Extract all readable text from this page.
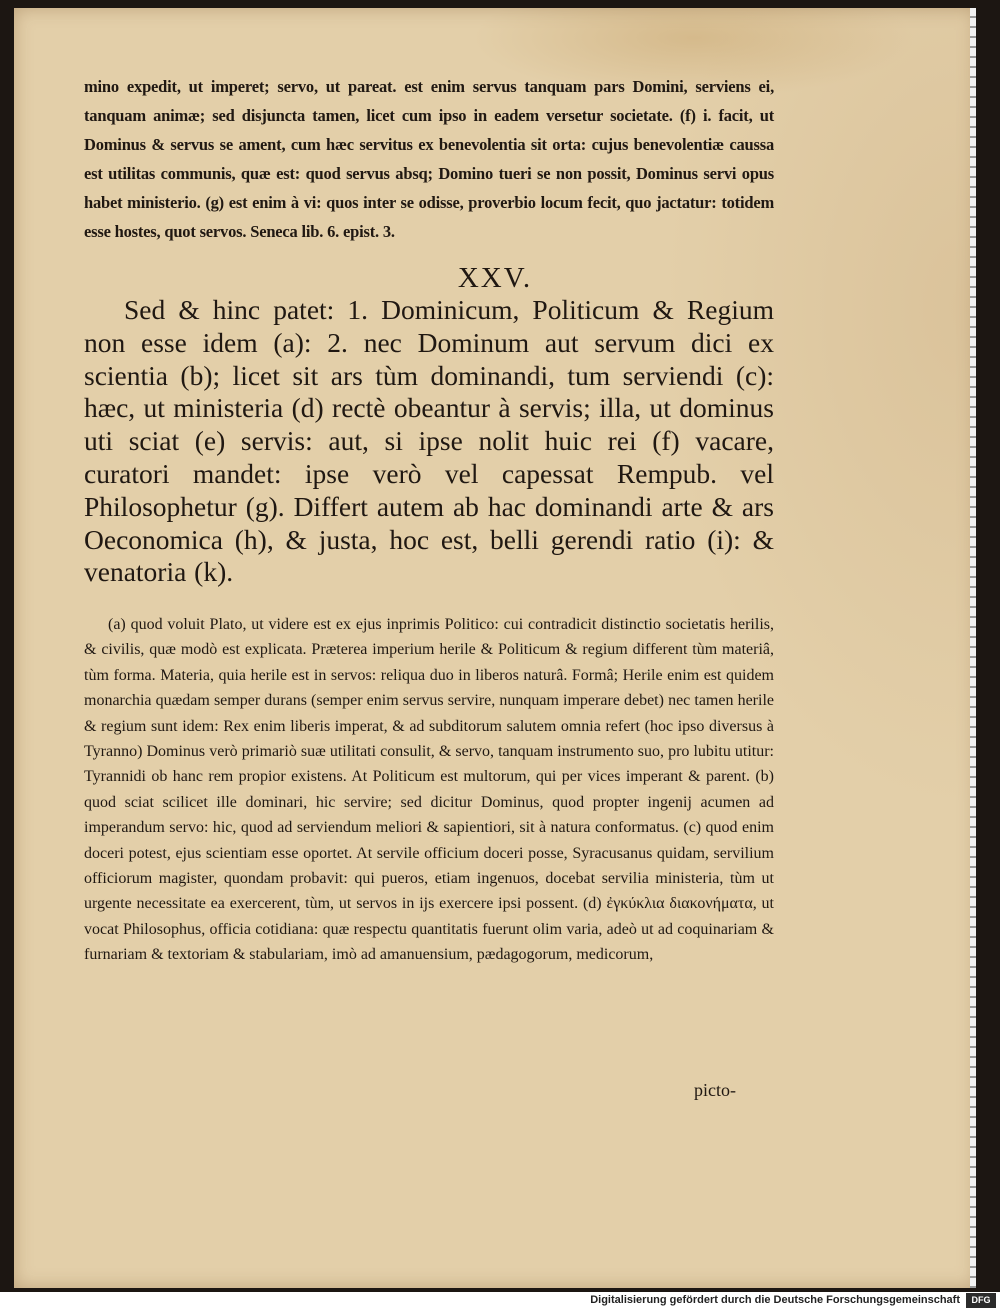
mino expedit, ut imperet; servo, ut pareat. est enim servus tanquam pars Domini, serviens ei, tanquam animæ; sed disjuncta tamen, licet cum ipso in eadem versetur societate. (f) i. facit, ut Dominus & servus se ament, cum hæc servitus ex benevolentia sit orta: cujus benevolentiæ caussa est utilitas communis, quæ est: quod servus absq; Domino tueri se non possit, Dominus servi opus habet ministerio. (g) est enim à vi: quos inter se odisse, proverbio locum fecit, quo jactatur: totidem esse hostes, quot servos. Seneca lib. 6. epist. 3.

XXV.

Sed & hinc patet: 1. Dominicum, Politicum & Regium non esse idem (a): 2. nec Dominum aut servum dici ex scientia (b); licet sit ars tùm dominandi, tum serviendi (c): hæc, ut ministeria (d) rectè obeantur à servis; illa, ut dominus uti sciat (e) servis: aut, si ipse nolit huic rei (f) vacare, curatori mandet: ipse verò vel capessat Rempub. vel Philosophetur (g). Differt autem ab hac dominandi arte & ars Oeconomica (h), & justa, hoc est, belli gerendi ratio (i): & venatoria (k).

(a) quod voluit Plato, ut videre est ex ejus inprimis Politico: cui contradicit distinctio societatis herilis, & civilis, quæ modò est explicata. Præterea imperium herile & Politicum & regium different tùm materiâ, tùm forma. Materia, quia herile est in servos: reliqua duo in liberos naturâ. Formâ; Herile enim est quidem monarchia quædam semper durans (semper enim servus servire, nunquam imperare debet) nec tamen herile & regium sunt idem: Rex enim liberis imperat, & ad subditorum salutem omnia refert (hoc ipso diversus à Tyranno) Dominus verò primariò suæ utilitati consulit, & servo, tanquam instrumento suo, pro lubitu utitur: Tyrannidi ob hanc rem propior existens. At Politicum est multorum, qui per vices imperant & parent. (b) quod sciat scilicet ille dominari, hic servire; sed dicitur Dominus, quod propter ingenij acumen ad imperandum servo: hic, quod ad serviendum meliori & sapientiori, sit à natura conformatus. (c) quod enim doceri potest, ejus scientiam esse oportet. At servile officium doceri posse, Syracusanus quidam, servilium officiorum magister, quondam probavit: qui pueros, etiam ingenuos, docebat servilia ministeria, tùm ut urgente necessitate ea exercerent, tùm, ut servos in ijs exercere ipsi possent. (d) ἐγκύκλια διακονήματα, ut vocat Philosophus, officia cotidiana: quæ respectu quantitatis fuerunt olim varia, adeò ut ad coquinariam & furnariam & textoriam & stabulariam, imò ad amanuensium, pædagogorum, medicorum,

picto-
Digitalisierung gefördert durch die Deutsche Forschungsgemeinschaft	DFG
